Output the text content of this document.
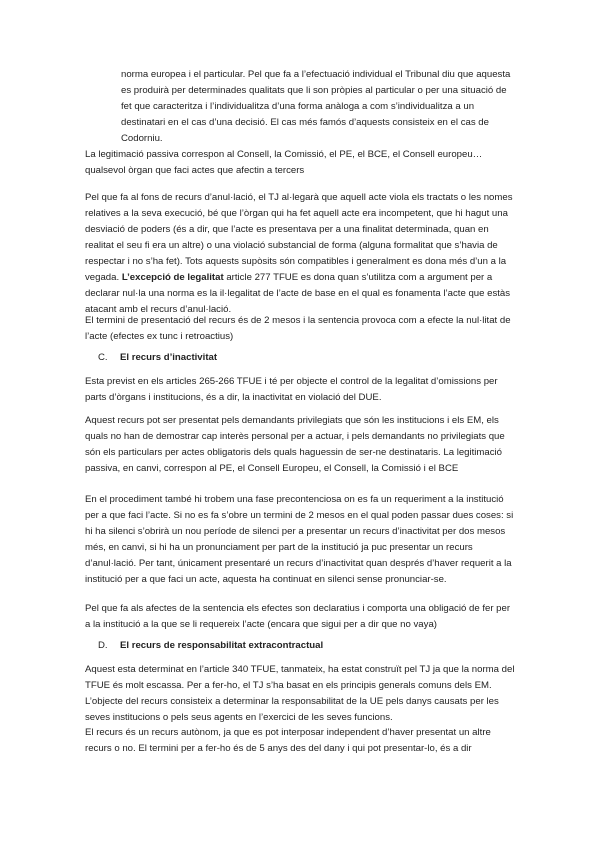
norma europea i el particular. Pel que fa a l’efectuació individual el Tribunal diu que aquesta es produirà per determinades qualitats que li son pròpies al particular o per una situació de fet que caracteritza i l’individualitza d’una forma anàloga a com s’individualitza a un destinatari en el cas d’una decisió. El cas més famós d’aquests consisteix en el cas de Codorniu.

La legitimació passiva correspon al Consell, la Comissió, el PE, el BCE, el Consell europeu… qualsevol òrgan que faci actes que afectin a tercers

Pel que fa al fons de recurs d’anul·lació, el TJ al·legarà que aquell acte viola els tractats o les nomes relatives a la seva execució, bé que l’òrgan qui ha fet aquell acte era incompetent, que hi hagut una desviació de poders (és a dir, que l’acte es presentava per a una finalitat determinada, quan en realitat el seu fi era un altre) o una violació substancial de forma (alguna formalitat que s’havia de respectar i no s’ha fet). Tots aquests supòsits són compatibles i generalment es dona més d’un a la vegada. L’excepció de legalitat article 277 TFUE es dona quan s’utilitza com a argument per a declarar nul·la una norma es la il·legalitat de l’acte de base en el qual es fonamenta l’acte que estàs atacant amb el recurs d’anul·lació.

El termini de presentació del recurs és de 2 mesos i la sentencia provoca com a efecte la nul·litat de l’acte (efectes ex tunc i retroactius)

C. El recurs d’inactivitat

Esta previst en els articles 265-266 TFUE i té per objecte el control de la legalitat d’omissions per parts d’òrgans i institucions, és a dir, la inactivitat en violació del DUE.

Aquest recurs pot ser presentat pels demandants privilegiats que són les institucions i els EM, els quals no han de demostrar cap interès personal per a actuar, i pels demandants no privilegiats que són els particulars per actes obligatoris dels quals haguessin de ser-ne destinataris. La legitimació passiva, en canvi, correspon al PE, el Consell Europeu, el Consell, la Comissió i el BCE

En el procediment també hi trobem una fase precontenciosa on es fa un requeriment a la institució per a que faci l’acte. Si no es fa s’obre un termini de 2 mesos en el qual poden passar dues coses: si hi ha silenci s’obrirà un nou període de silenci per a presentar un recurs d’inactivitat per dos mesos més, en canvi, si hi ha un pronunciament per part de la institució ja puc presentar un recurs d’anul·lació. Per tant, únicament presentaré un recurs d’inactivitat quan després d’haver requerit a la institució per a que faci un acte, aquesta ha continuat en silenci sense pronunciar-se.

Pel que fa als afectes de la sentencia els efectes son declaratius i comporta una obligació de fer per a la institució a la que se li requereix l’acte (encara que sigui per a dir que no vaya)

D. El recurs de responsabilitat extracontractual

Aquest esta determinat en l’article 340 TFUE, tanmateix, ha estat construït pel TJ ja que la norma del TFUE és molt escassa. Per a fer-ho, el TJ s’ha basat en els principis generals comuns dels EM. L’objecte del recurs consisteix a determinar la responsabilitat de la UE pels danys causats per les seves institucions o pels seus agents en l’exercici de les seves funcions.

El recurs és un recurs autònom, ja que es pot interposar independent d’haver presentat un altre recurs o no. El termini per a fer-ho és de 5 anys des del dany i qui pot presentar-lo, és a dir
